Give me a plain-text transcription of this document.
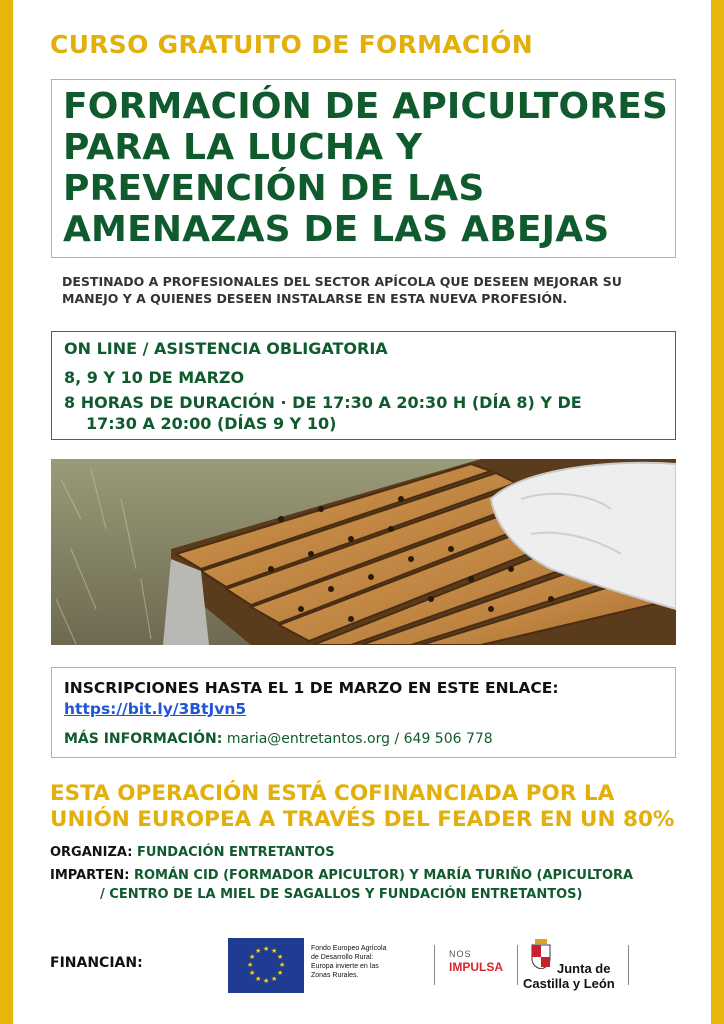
CURSO GRATUITO DE FORMACIÓN
FORMACIÓN DE APICULTORES
PARA LA LUCHA Y
PREVENCIÓN DE LAS
AMENAZAS DE LAS ABEJAS
DESTINADO A PROFESIONALES DEL SECTOR APÍCOLA QUE DESEEN MEJORAR SU
MANEJO Y A QUIENES DESEEN INSTALARSE EN ESTA NUEVA PROFESIÓN.
ON LINE / ASISTENCIA OBLIGATORIA
8, 9 Y 10 DE MARZO
8 HORAS DE DURACIÓN · DE 17:30 A 20:30 H (DÍA 8) Y DE
17:30 A 20:00 (DÍAS 9 Y 10)
INSCRIPCIONES HASTA EL 1 DE MARZO EN ESTE ENLACE:
https://bit.ly/3BtJvn5
MÁS INFORMACIÓN: maria@entretantos.org / 649 506 778
ESTA OPERACIÓN ESTÁ COFINANCIADA POR LA
UNIÓN EUROPEA A TRAVÉS DEL FEADER EN UN 80%
ORGANIZA: FUNDACIÓN ENTRETANTOS
IMPARTEN: ROMÁN CID (FORMADOR APICULTOR) Y MARÍA TURIÑO (APICULTORA
/ CENTRO DE LA MIEL DE SAGALLOS Y FUNDACIÓN ENTRETANTOS)
FINANCIAN:
★ ★
★
★
★
★
★
★
★
★
★
★	Fondo Europeo Agrícola
de Desarrollo Rural:
Europa invierte en las
Zonas Rurales.
NOS
IMPULSA	Junta de
Castilla y León
